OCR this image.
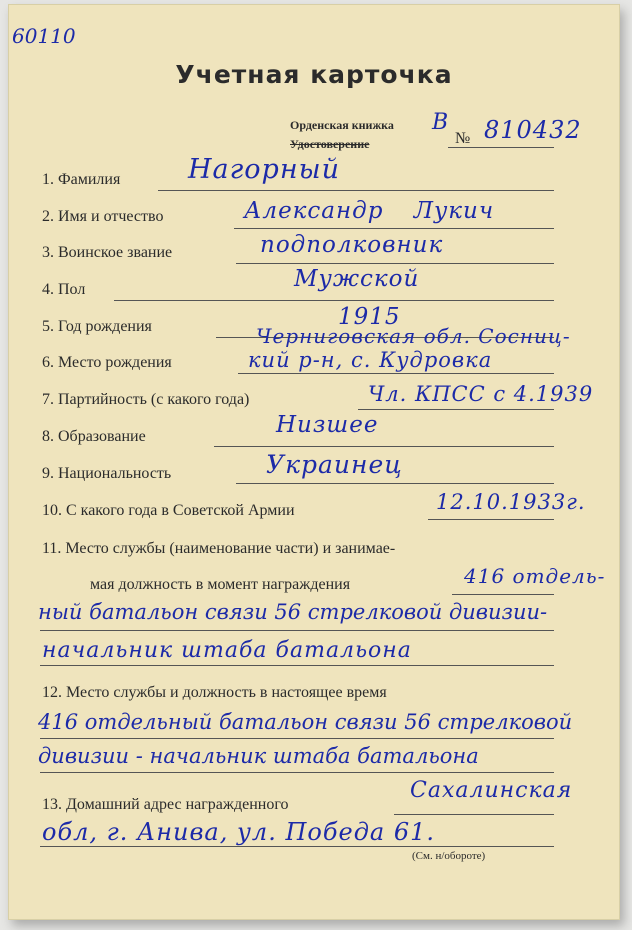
60110
Учетная карточка
Орденская книжка
Удостоверение
В
№ 810432
1. Фамилия	Нагорный
2. Имя и отчество	Александр Лукич
3. Воинское звание	подполковник
4. Пол	Мужской
5. Год рождения	1915
Черниговская обл. Сосниц-
6. Место рождения	кий р-н, с. Кудровка
7. Партийность (с какого года)	Чл. КПСС с 4.1939
8. Образование	Низшее
9. Национальность	Украинец
10. С какого года в Советской Армии	12.10.1933г.
11. Место службы (наименование части) и занимае-
мая должность в момент награждения	416 отдель-
ный батальон связи 56 стрелковой дивизии-
начальник штаба батальона
12. Место службы и должность в настоящее время
416 отдельный батальон связи 56 стрелковой
дивизии - начальник штаба батальона
13. Домашний адрес награжденного
Сахалинская
обл, г. Анива, ул. Победа 61.
(См. н/обороте)
